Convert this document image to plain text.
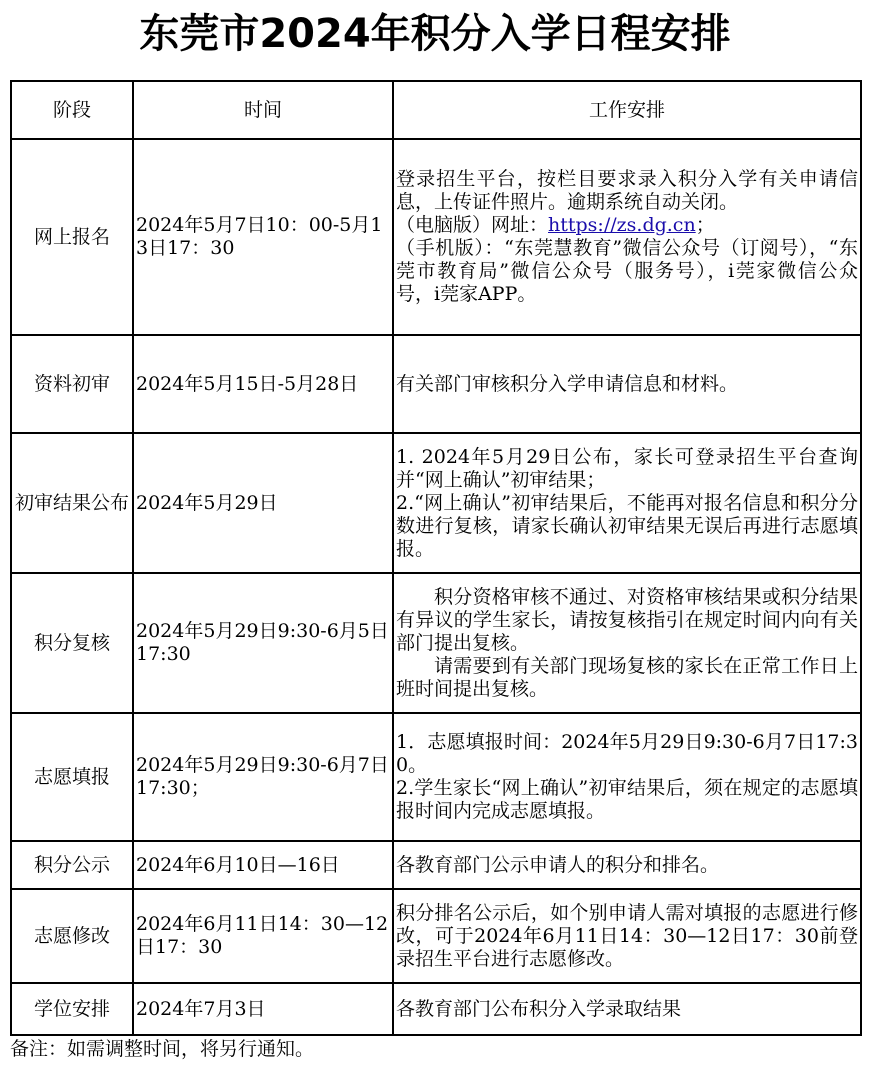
东莞市2024年积分入学日程安排
阶段	时间	工作安排
网上报名	2024年5月7日10：00-5月13日17：30	登录招生平台，按栏目要求录入积分入学有关申请信息，上传证件照片。逾期系统自动关闭。

（电脑版）网址：https://zs.dg.cn；

（手机版）：“东莞慧教育”微信公众号（订阅号），“东莞市教育局”微信公众号（服务号），i莞家微信公众号，i莞家APP。

资料初审	2024年5月15日-5月28日	有关部门审核积分入学申请信息和材料。

初审结果公布	2024年5月29日	1. 2024年5月29日公布，家长可登录招生平台查询并“网上确认”初审结果；

2.“网上确认”初审结果后，不能再对报名信息和积分分数进行复核，请家长确认初审结果无误后再进行志愿填报。

积分复核	2024年5月29日9:30-6月5日17:30	积分资格审核不通过、对资格审核结果或积分结果有异议的学生家长，请按复核指引在规定时间内向有关部门提出复核。

请需要到有关部门现场复核的家长在正常工作日上班时间提出复核。

志愿填报	2024年5月29日9:30-6月7日17:30；	1．志愿填报时间：2024年5月29日9:30-6月7日17:30。

2.学生家长“网上确认”初审结果后，须在规定的志愿填报时间内完成志愿填报。

积分公示	2024年6月10日—16日	各教育部门公示申请人的积分和排名。

志愿修改	2024年6月11日14：30—12日17：30	积分排名公示后，如个别申请人需对填报的志愿进行修改，可于2024年6月11日14：30—12日17：30前登录招生平台进行志愿修改。

学位安排	2024年7月3日	各教育部门公布积分入学录取结果

备注：如需调整时间，将另行通知。
